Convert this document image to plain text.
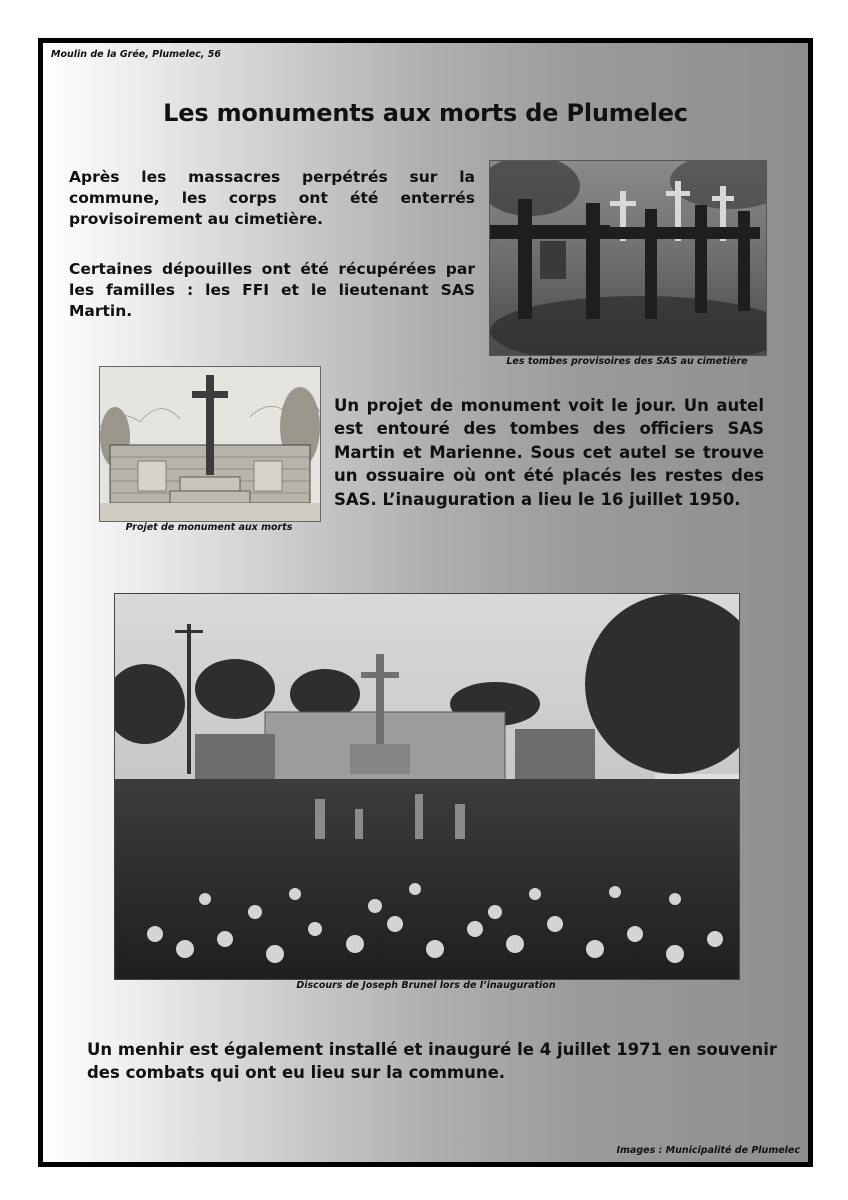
Moulin de la Grée, Plumelec, 56
Les monuments aux morts de Plumelec

Après les massacres perpétrés sur la commune, les corps ont été enterrés provisoirement au cimetière.

Certaines dépouilles ont été récupérées par les familles : les FFI et le lieutenant SAS Martin.

Les tombes provisoires des SAS au cimetière
Projet de monument aux morts

Un projet de monument voit le jour. Un autel est entouré des tombes des officiers SAS Martin et Marienne. Sous cet autel se trouve un ossuaire où ont été placés les restes des SAS. L’inauguration a lieu le 16 juillet 1950.

Discours de Joseph Brunel lors de l’inauguration

Un menhir est également installé et inauguré le 4 juillet 1971 en souvenir des combats qui ont eu lieu sur la commune.

Images : Municipalité de Plumelec
